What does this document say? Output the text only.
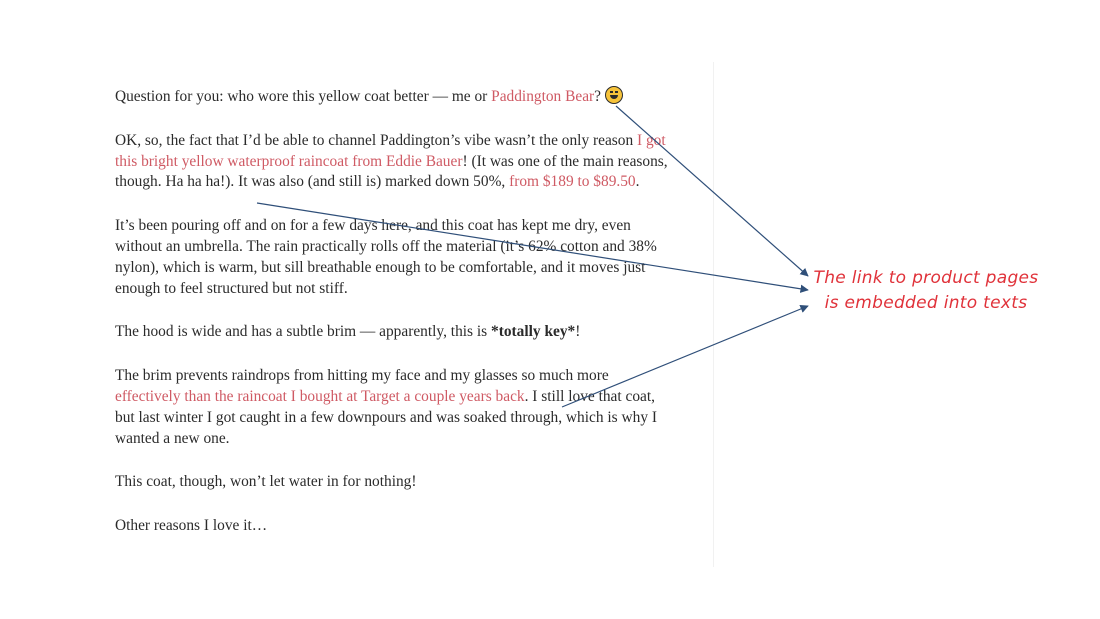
Question for you: who wore this yellow coat better — me or Paddington Bear?

OK, so, the fact that I’d be able to channel Paddington’s vibe wasn’t the only reason I got this bright yellow waterproof raincoat from Eddie Bauer! (It was one of the main reasons, though. Ha ha ha!). It was also (and still is) marked down 50%, from $189 to $89.50.

It’s been pouring off and on for a few days here, and this coat has kept me dry, even without an umbrella. The rain practically rolls off the material (it’s 62% cotton and 38% nylon), which is warm, but sill breathable enough to be comfortable, and it moves just enough to feel structured but not stiff.

The hood is wide and has a subtle brim — apparently, this is *totally key*!

The brim prevents raindrops from hitting my face and my glasses so much more effectively than the raincoat I bought at Target a couple years back. I still love that coat, but last winter I got caught in a few downpours and was soaked through, which is why I wanted a new one.

This coat, though, won’t let water in for nothing!

Other reasons I love it…

The link to product pages is embedded into texts
